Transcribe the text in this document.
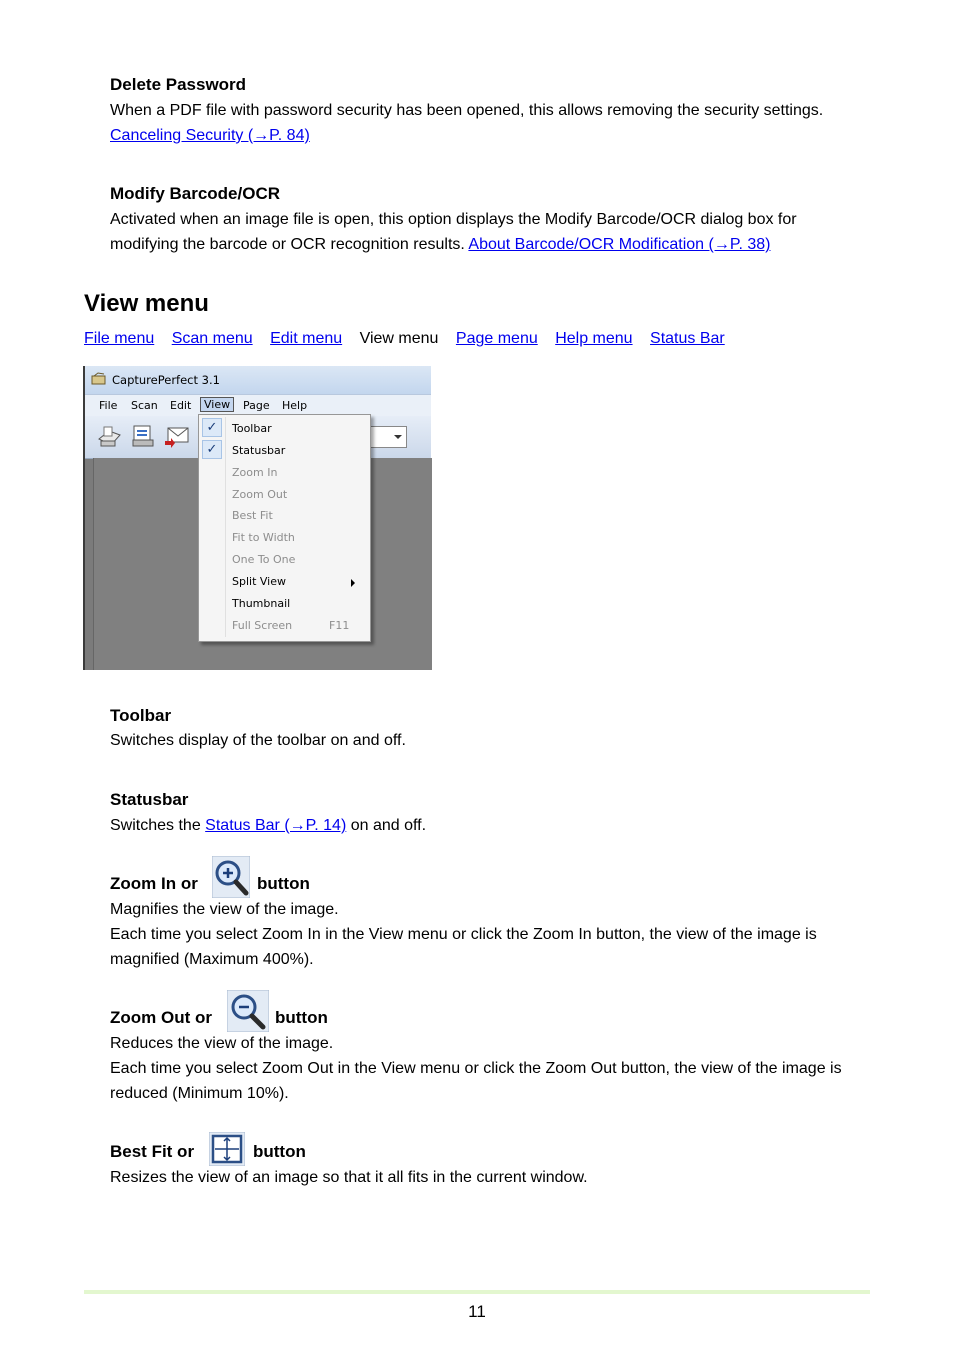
Delete Password
When a PDF file with password security has been opened, this allows removing the security settings.
Canceling Security (→P. 84)
Modify Barcode/OCR
Activated when an image file is open, this option displays the Modify Barcode/OCR dialog box for
modifying the barcode or OCR recognition results. About Barcode/OCR Modification (→P. 38)
View menu
File menu Scan menu Edit menu View menu Page menu Help menu Status Bar
CapturePerfect 3.1
File Scan Edit	View	Page Help
✓	Toolbar
✓	Statusbar
Zoom In
Zoom Out
Best Fit
Fit to Width
One To One
Split View
Thumbnail
Full Screen	F11
Toolbar
Switches display of the toolbar on and off.
Statusbar
Switches the Status Bar (→P. 14) on and off.
Zoom In or	button
Magnifies the view of the image.
Each time you select Zoom In in the View menu or click the Zoom In button, the view of the image is
magnified (Maximum 400%).
Zoom Out or	button
Reduces the view of the image.
Each time you select Zoom Out in the View menu or click the Zoom Out button, the view of the image is
reduced (Minimum 10%).
Best Fit or	button
Resizes the view of an image so that it all fits in the current window.
11
